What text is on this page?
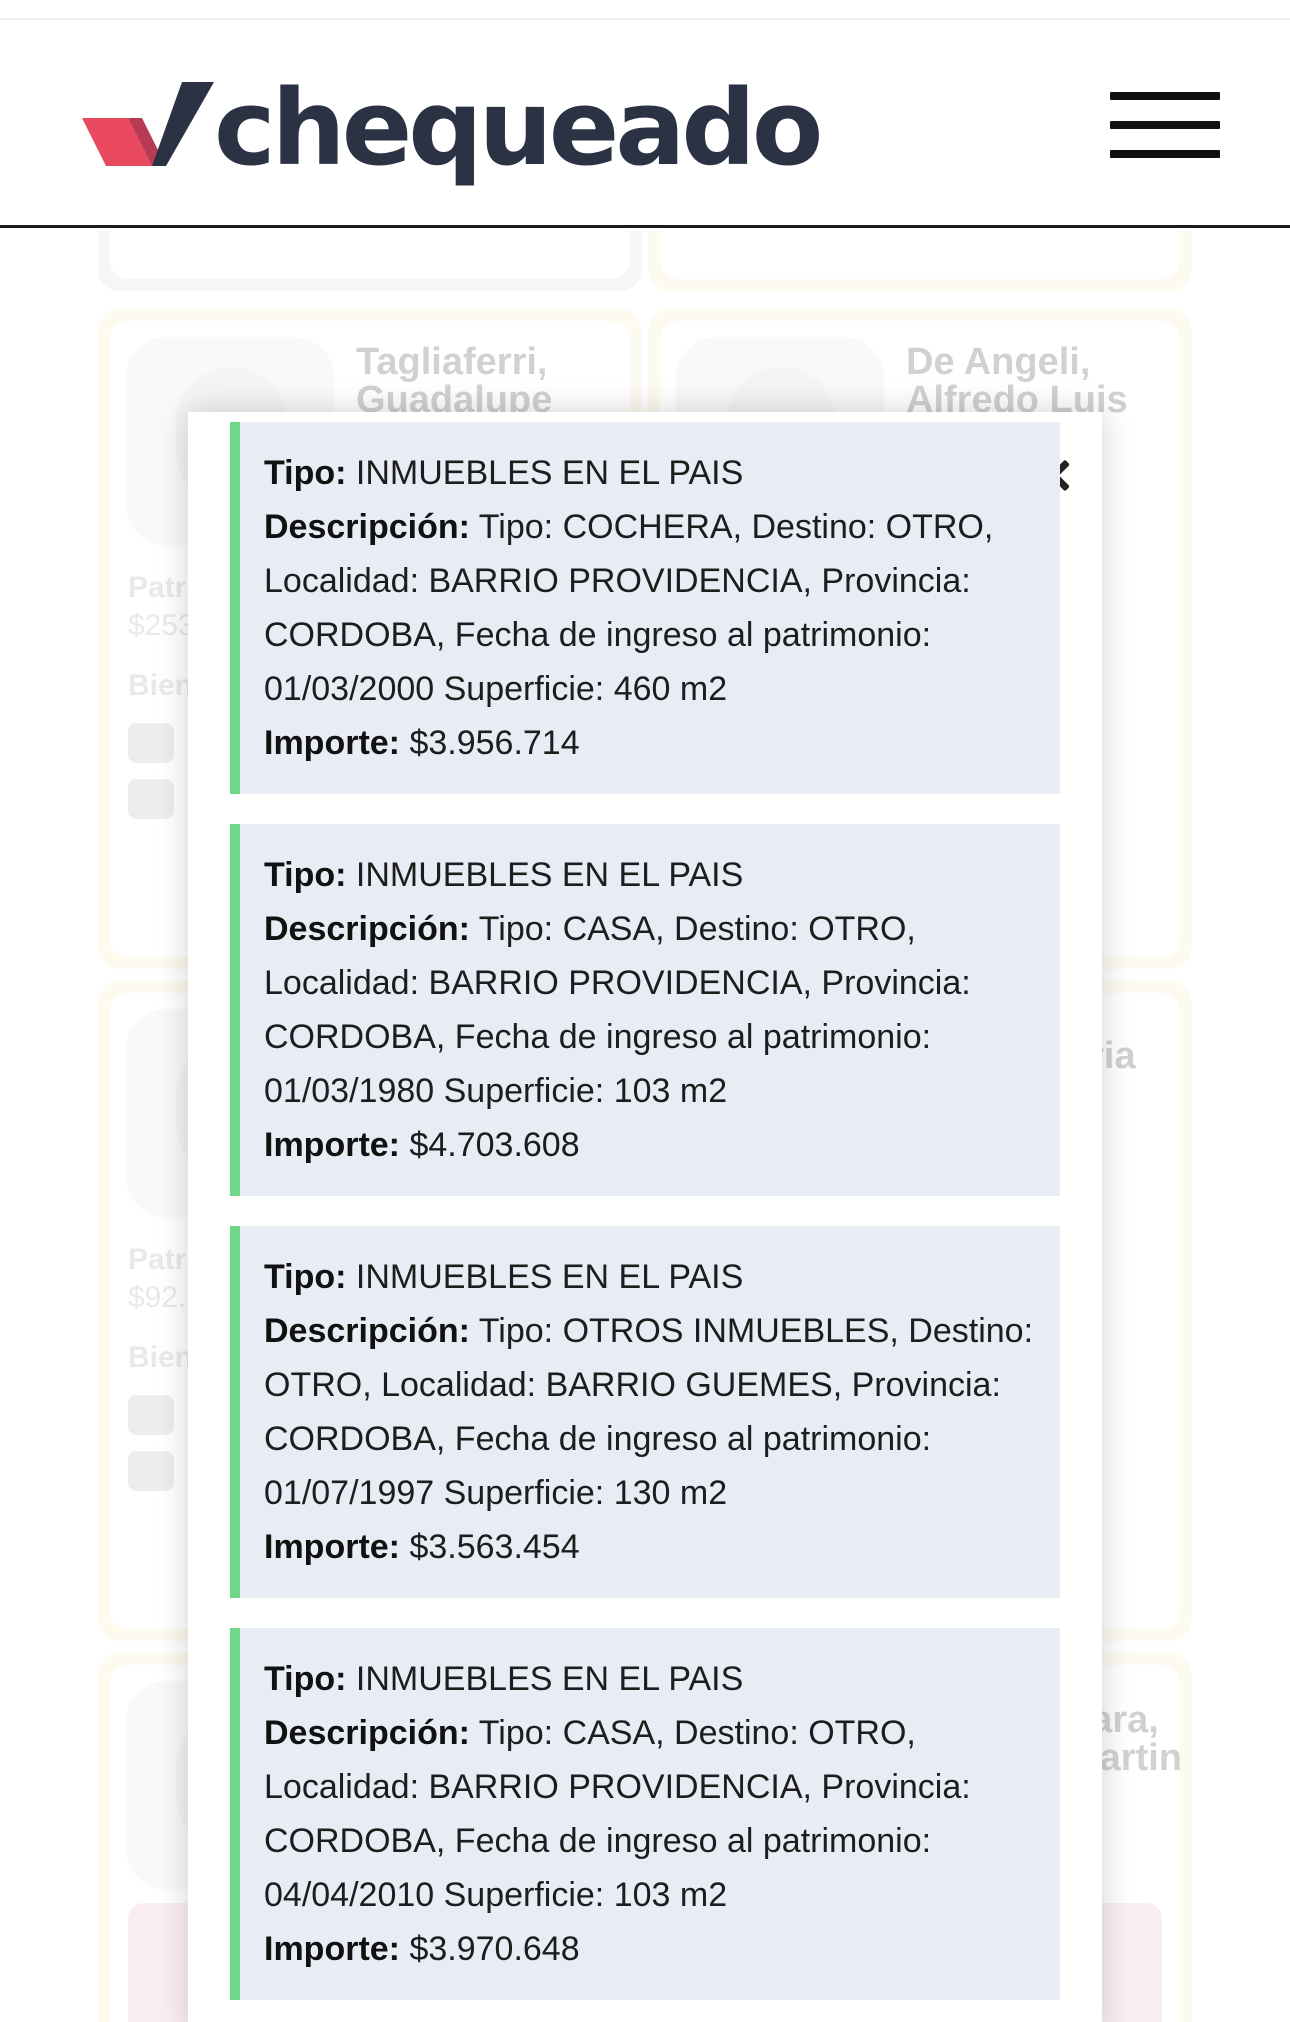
chequeado

Tipo: INMUEBLES EN EL PAIS

Descripción: Tipo: COCHERA, Destino: OTRO, Localidad: BARRIO PROVIDENCIA, Provincia: CORDOBA, Fecha de ingreso al patrimonio: 01/03/2000 Superficie: 460 m2

Importe: $3.956.714

Tipo: INMUEBLES EN EL PAIS

Descripción: Tipo: CASA, Destino: OTRO, Localidad: BARRIO PROVIDENCIA, Provincia: CORDOBA, Fecha de ingreso al patrimonio: 01/03/1980 Superficie: 103 m2

Importe: $4.703.608

Tipo: INMUEBLES EN EL PAIS

Descripción: Tipo: OTROS INMUEBLES, Destino: OTRO, Localidad: BARRIO GUEMES, Provincia: CORDOBA, Fecha de ingreso al patrimonio: 01/07/1997 Superficie: 130 m2

Importe: $3.563.454

Tipo: INMUEBLES EN EL PAIS

Descripción: Tipo: CASA, Destino: OTRO, Localidad: BARRIO PROVIDENCIA, Provincia: CORDOBA, Fecha de ingreso al patrimonio: 04/04/2010 Superficie: 103 m2

Importe: $3.970.648
